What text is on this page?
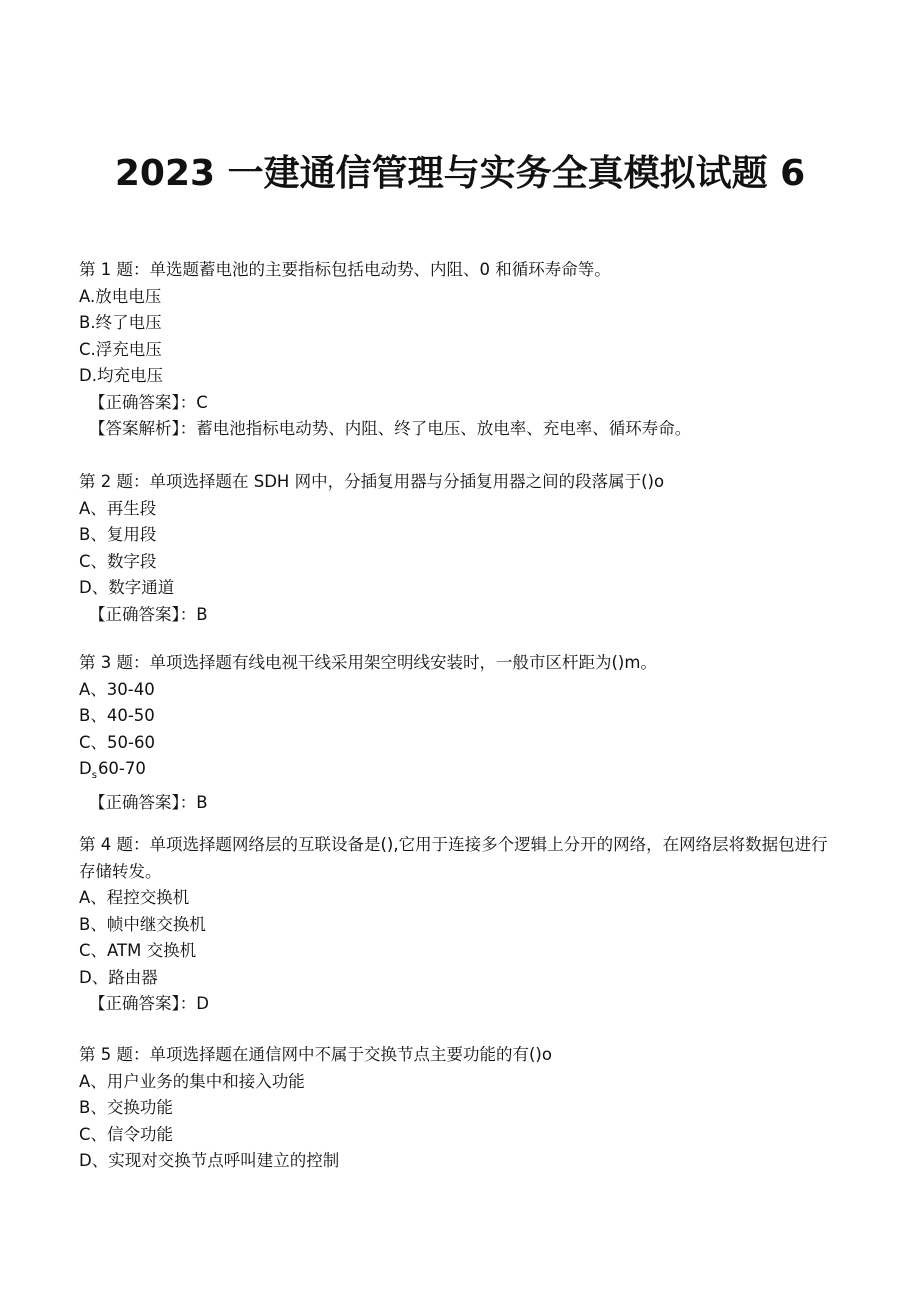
2023 一建通信管理与实务全真模拟试题 6
第 1 题：单选题蓄电池的主要指标包括电动势、内阻、0 和循环寿命等。
A.放电电压
B.终了电压
C.浮充电压
D.均充电压
【正确答案】：C
【答案解析】：蓄电池指标电动势、内阻、终了电压、放电率、充电率、循环寿命。
第 2 题：单项选择题在 SDH 网中，分插复用器与分插复用器之间的段落属于()o
A、再生段
B、复用段
C、数字段
D、数字通道
【正确答案】：B
第 3 题：单项选择题有线电视干线采用架空明线安装时，一般市区杆距为()m。
A、30-40
B、40-50
C、50-60
$D_s60-70$
【正确答案】：B
第 4 题：单项选择题网络层的互联设备是(),它用于连接多个逻辑上分开的网络，在网络层将数据包进行存储转发。
A、程控交换机
B、帧中继交换机
C、ATM 交换机
D、路由器
【正确答案】：D
第 5 题：单项选择题在通信网中不属于交换节点主要功能的有()o
A、用户业务的集中和接入功能
B、交换功能
C、信令功能
D、实现对交换节点呼叫建立的控制
